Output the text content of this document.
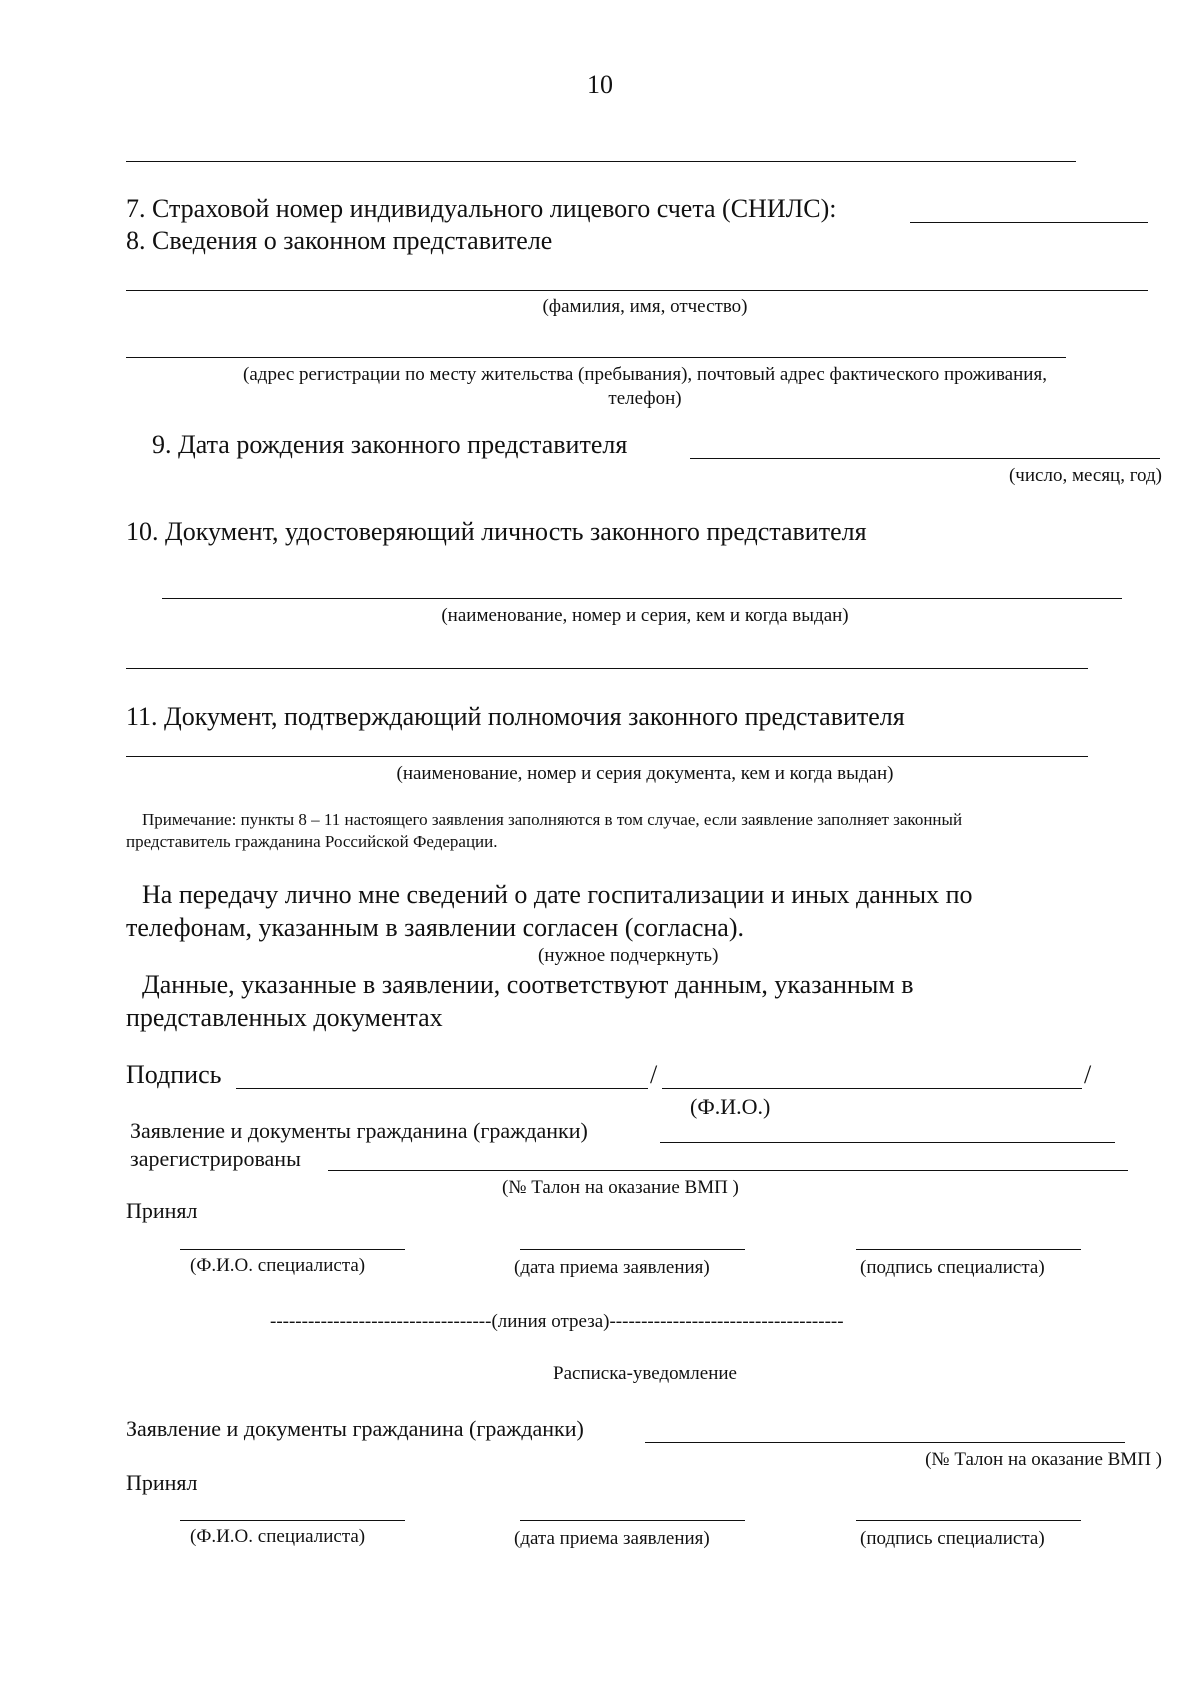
10
7. Страховой номер индивидуального лицевого счета (СНИЛС):
8. Сведения о законном представителе
(фамилия, имя, отчество)
(адрес регистрации по месту жительства (пребывания), почтовый адрес фактического проживания,
телефон)
9. Дата рождения законного представителя
(число, месяц, год)
10. Документ, удостоверяющий личность законного представителя
(наименование, номер и серия, кем и когда выдан)
11. Документ, подтверждающий полномочия законного представителя
(наименование, номер и серия документа, кем и когда выдан)
Примечание: пункты 8 – 11 настоящего заявления заполняются в том случае, если заявление заполняет законный
представитель гражданина Российской Федерации.
На передачу лично мне сведений о дате госпитализации и иных данных по
телефонам, указанным в заявлении согласен (согласна).
(нужное подчеркнуть)
Данные, указанные в заявлении, соответствуют данным, указанным в
представленных документах
Подпись	/	/
(Ф.И.О.)
Заявление и документы гражданина (гражданки)
зарегистрированы
(№ Талон на оказание ВМП )
Принял
(Ф.И.О. специалиста)	(дата приема заявления)	(подпись специалиста)
-----------------------------------(линия отреза)-------------------------------------
Расписка-уведомление
Заявление и документы гражданина (гражданки)
(№ Талон на оказание ВМП )
Принял
(Ф.И.О. специалиста)	(дата приема заявления)	(подпись специалиста)
